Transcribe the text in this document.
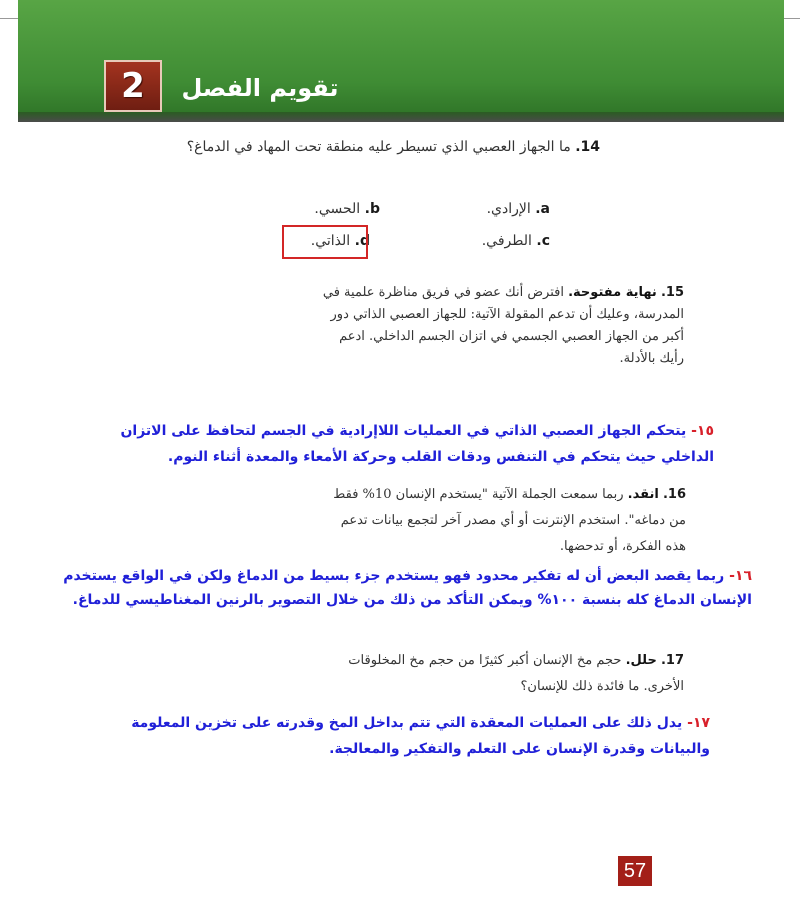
2	تقويم الفصل
14. ما الجهاز العصبي الذي تسيطر عليه منطقة تحت المهاد في الدماغ؟
a. الإرادي.
b. الحسي.
c. الطرفي.
d. الذاتي.
15. نهاية مفتوحة. افترض أنك عضو في فريق مناظرة علمية في المدرسة، وعليك أن تدعم المقولة الآتية: للجهاز العصبي الذاتي دور أكبر من الجهاز العصبي الجسمي في اتزان الجسم الداخلي. ادعم رأيك بالأدلة.
١٥- يتحكم الجهاز العصبي الذاتي في العمليات اللاإرادية في الجسم لتحافظ على الاتزان الداخلي حيث يتحكم في التنفس ودقات القلب وحركة الأمعاء والمعدة أثناء النوم.
16. انقد. ربما سمعت الجملة الآتية "يستخدم الإنسان 10% فقط من دماغه". استخدم الإنترنت أو أي مصدر آخر لتجمع بيانات تدعم هذه الفكرة، أو تدحضها.
١٦- ربما يقصد البعض أن له تفكير محدود فهو يستخدم جزء بسيط من الدماغ ولكن في الواقع يستخدم الإنسان الدماغ كله بنسبة ١٠٠% ويمكن التأكد من ذلك من خلال التصوير بالرنين المغناطيسي للدماغ.
17. حلل. حجم مخ الإنسان أكبر كثيرًا من حجم مخ المخلوقات الأخرى. ما فائدة ذلك للإنسان؟
١٧- يدل ذلك على العمليات المعقدة التي تتم بداخل المخ وقدرته على تخزين المعلومة والبيانات وقدرة الإنسان على التعلم والتفكير والمعالجة.
57
